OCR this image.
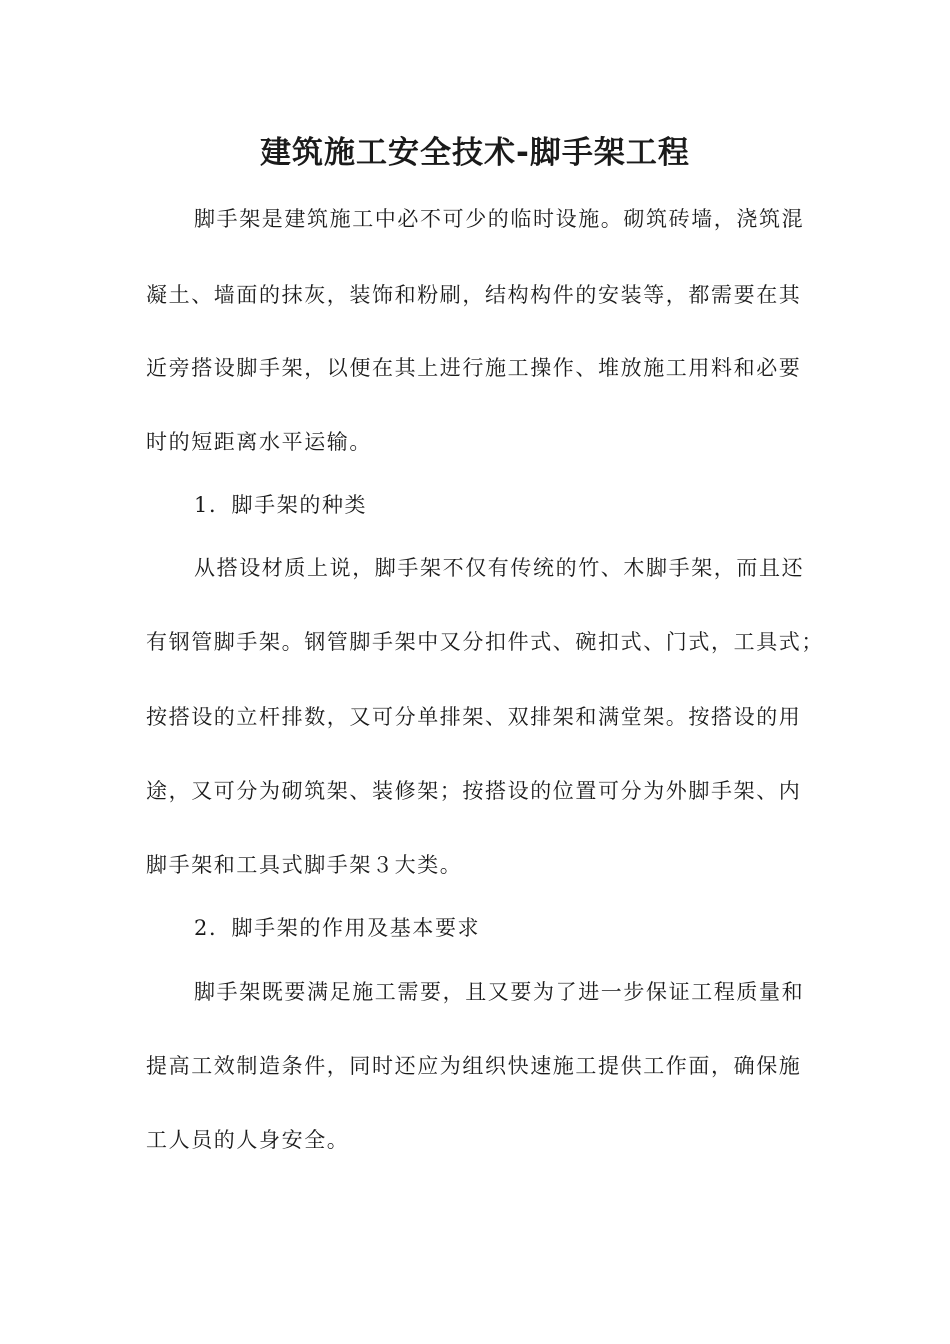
建筑施工安全技术-脚手架工程
脚手架是建筑施工中必不可少的临时设施。砌筑砖墙，浇筑混
凝土、墙面的抹灰，装饰和粉刷，结构构件的安装等，都需要在其
近旁搭设脚手架，以便在其上进行施工操作、堆放施工用料和必要
时的短距离水平运输。
1．脚手架的种类
从搭设材质上说，脚手架不仅有传统的竹、木脚手架，而且还
有钢管脚手架。钢管脚手架中又分扣件式、碗扣式、门式，工具式；
按搭设的立杆排数，又可分单排架、双排架和满堂架。按搭设的用
途，又可分为砌筑架、装修架；按搭设的位置可分为外脚手架、内
脚手架和工具式脚手架３大类。
2．脚手架的作用及基本要求
脚手架既要满足施工需要，且又要为了进一步保证工程质量和
提高工效制造条件，同时还应为组织快速施工提供工作面，确保施
工人员的人身安全。
